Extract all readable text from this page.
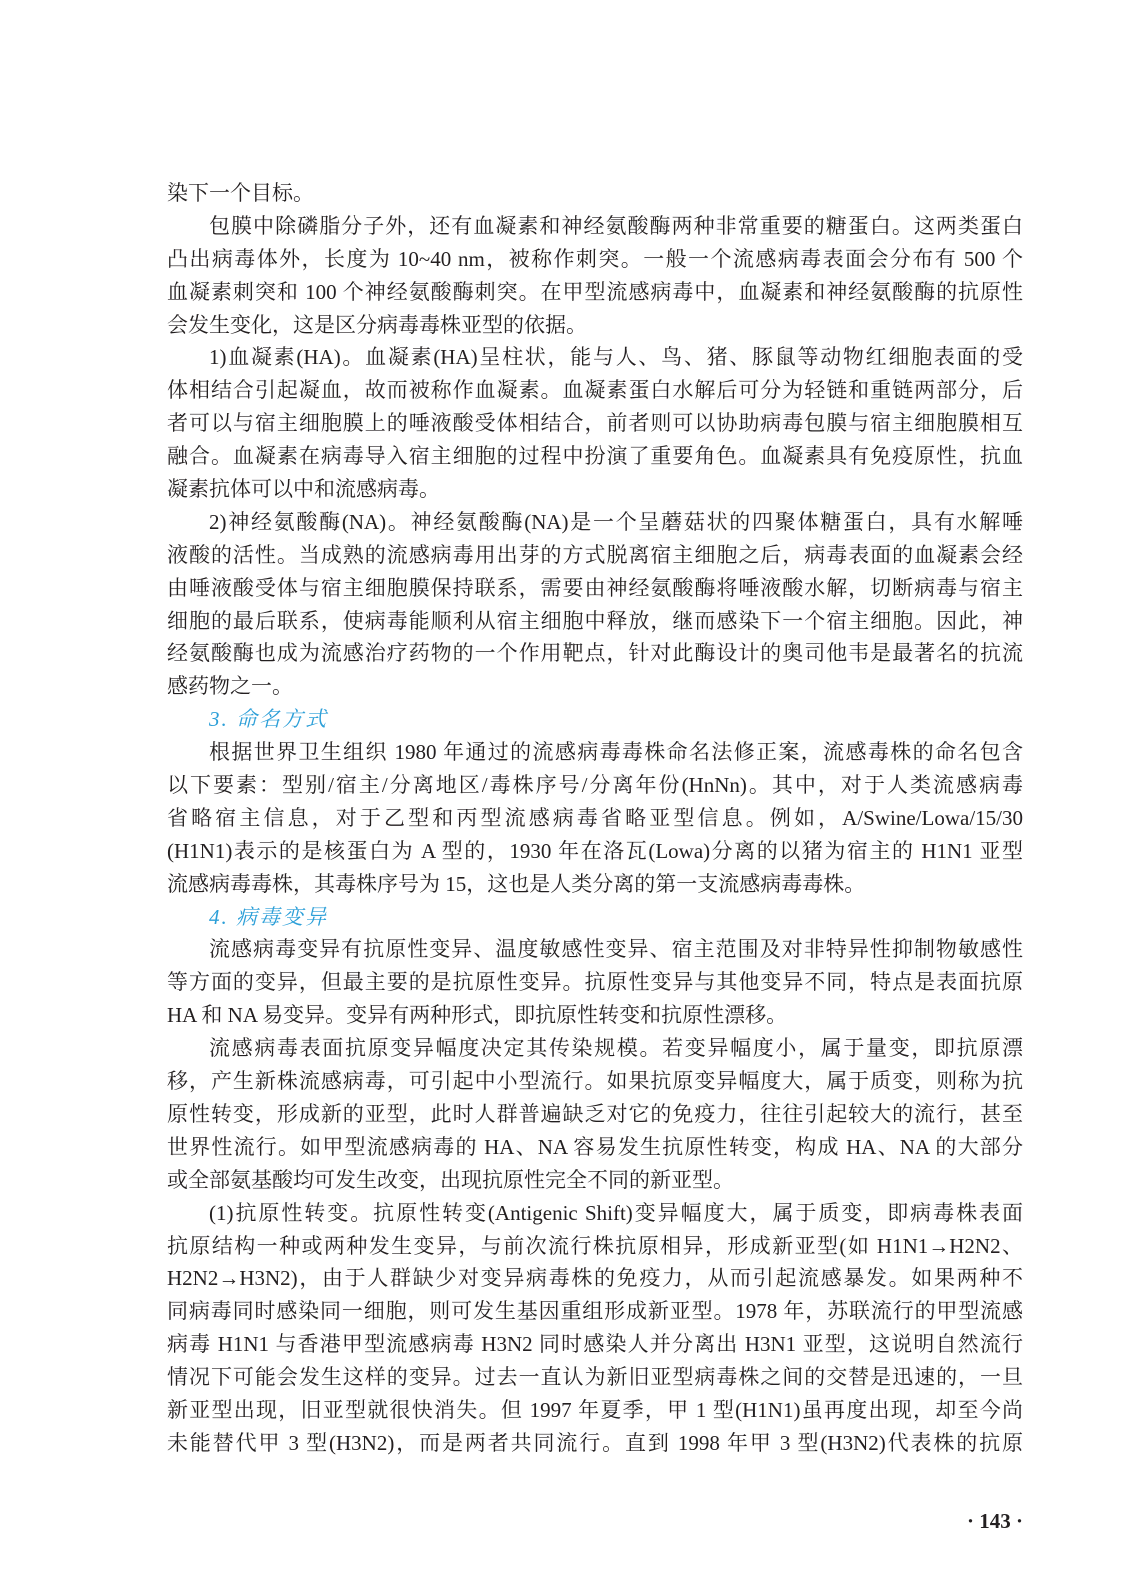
染下一个目标。
包膜中除磷脂分子外，还有血凝素和神经氨酸酶两种非常重要的糖蛋白。这两类蛋白
凸出病毒体外，长度为 10~40 nm，被称作刺突。一般一个流感病毒表面会分布有 500 个
血凝素刺突和 100 个神经氨酸酶刺突。在甲型流感病毒中，血凝素和神经氨酸酶的抗原性
会发生变化，这是区分病毒毒株亚型的依据。
1)血凝素(HA)。血凝素(HA)呈柱状，能与人、鸟、猪、豚鼠等动物红细胞表面的受
体相结合引起凝血，故而被称作血凝素。血凝素蛋白水解后可分为轻链和重链两部分，后
者可以与宿主细胞膜上的唾液酸受体相结合，前者则可以协助病毒包膜与宿主细胞膜相互
融合。血凝素在病毒导入宿主细胞的过程中扮演了重要角色。血凝素具有免疫原性，抗血
凝素抗体可以中和流感病毒。
2)神经氨酸酶(NA)。神经氨酸酶(NA)是一个呈蘑菇状的四聚体糖蛋白，具有水解唾
液酸的活性。当成熟的流感病毒用出芽的方式脱离宿主细胞之后，病毒表面的血凝素会经
由唾液酸受体与宿主细胞膜保持联系，需要由神经氨酸酶将唾液酸水解，切断病毒与宿主
细胞的最后联系，使病毒能顺利从宿主细胞中释放，继而感染下一个宿主细胞。因此，神
经氨酸酶也成为流感治疗药物的一个作用靶点，针对此酶设计的奥司他韦是最著名的抗流
感药物之一。
3. 命名方式
根据世界卫生组织 1980 年通过的流感病毒毒株命名法修正案，流感毒株的命名包含
以下要素：型别/宿主/分离地区/毒株序号/分离年份(HnNn)。其中，对于人类流感病毒
省略宿主信息，对于乙型和丙型流感病毒省略亚型信息。例如，A/Swine/Lowa/15/30
(H1N1)表示的是核蛋白为 A 型的，1930 年在洛瓦(Lowa)分离的以猪为宿主的 H1N1 亚型
流感病毒毒株，其毒株序号为 15，这也是人类分离的第一支流感病毒毒株。
4. 病毒变异
流感病毒变异有抗原性变异、温度敏感性变异、宿主范围及对非特异性抑制物敏感性
等方面的变异，但最主要的是抗原性变异。抗原性变异与其他变异不同，特点是表面抗原
HA 和 NA 易变异。变异有两种形式，即抗原性转变和抗原性漂移。
流感病毒表面抗原变异幅度决定其传染规模。若变异幅度小，属于量变，即抗原漂
移，产生新株流感病毒，可引起中小型流行。如果抗原变异幅度大，属于质变，则称为抗
原性转变，形成新的亚型，此时人群普遍缺乏对它的免疫力，往往引起较大的流行，甚至
世界性流行。如甲型流感病毒的 HA、NA 容易发生抗原性转变，构成 HA、NA 的大部分
或全部氨基酸均可发生改变，出现抗原性完全不同的新亚型。
(1)抗原性转变。抗原性转变(Antigenic Shift)变异幅度大，属于质变，即病毒株表面
抗原结构一种或两种发生变异，与前次流行株抗原相异，形成新亚型(如 H1N1→H2N2、
H2N2→H3N2)，由于人群缺少对变异病毒株的免疫力，从而引起流感暴发。如果两种不
同病毒同时感染同一细胞，则可发生基因重组形成新亚型。1978 年，苏联流行的甲型流感
病毒 H1N1 与香港甲型流感病毒 H3N2 同时感染人并分离出 H3N1 亚型，这说明自然流行
情况下可能会发生这样的变异。过去一直认为新旧亚型病毒株之间的交替是迅速的，一旦
新亚型出现，旧亚型就很快消失。但 1997 年夏季，甲 1 型(H1N1)虽再度出现，却至今尚
未能替代甲 3 型(H3N2)，而是两者共同流行。直到 1998 年甲 3 型(H3N2)代表株的抗原
· 143 ·
